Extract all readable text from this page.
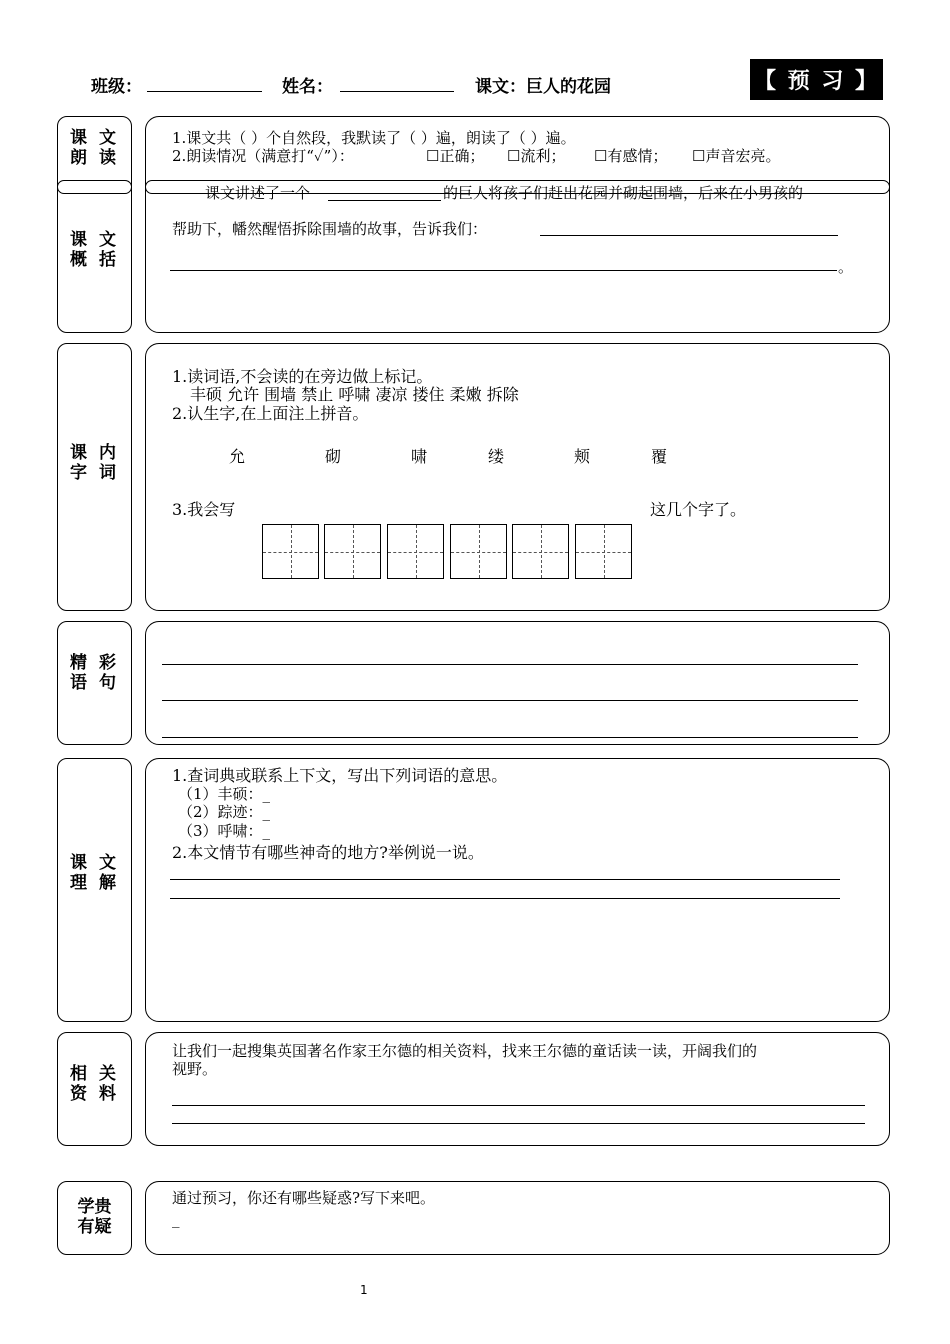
班级：	姓名：	课文：巨人的花园	【 预 习 】
课 文
朗 读
1.课文共（ ）个自然段，我默读了（ ）遍，朗读了（ ）遍。
2.朗读情况（满意打“✓”）：	☐正确； ☐流利； ☐有感情； ☐声音宏亮。
课 文
概 括
课文讲述了一个	的巨人将孩子们赶出花园并砌起围墙，后来在小男孩的
帮助下，幡然醒悟拆除围墙的故事，告诉我们：
。
课 内
字 词
1.读词语,不会读的在旁边做上标记。
丰硕 允许 围墙 禁止 呼啸 凄凉 搂住 柔嫩 拆除
2.认生字,在上面注上拼音。
允	砌	啸	缕	颊	覆
3.我会写	这几个字了。
精 彩
语 句
课 文
理 解
1.查词典或联系上下文，写出下列词语的意思。
（1）丰硕：_
（2）踪迹：_
（3）呼啸：_
2.本文情节有哪些神奇的地方?举例说一说。
相 关
资 料
让我们一起搜集英国著名作家王尔德的相关资料，找来王尔德的童话读一读，开阔我们的
视野。
学贵
有疑
通过预习，你还有哪些疑惑?写下来吧。
_
1
